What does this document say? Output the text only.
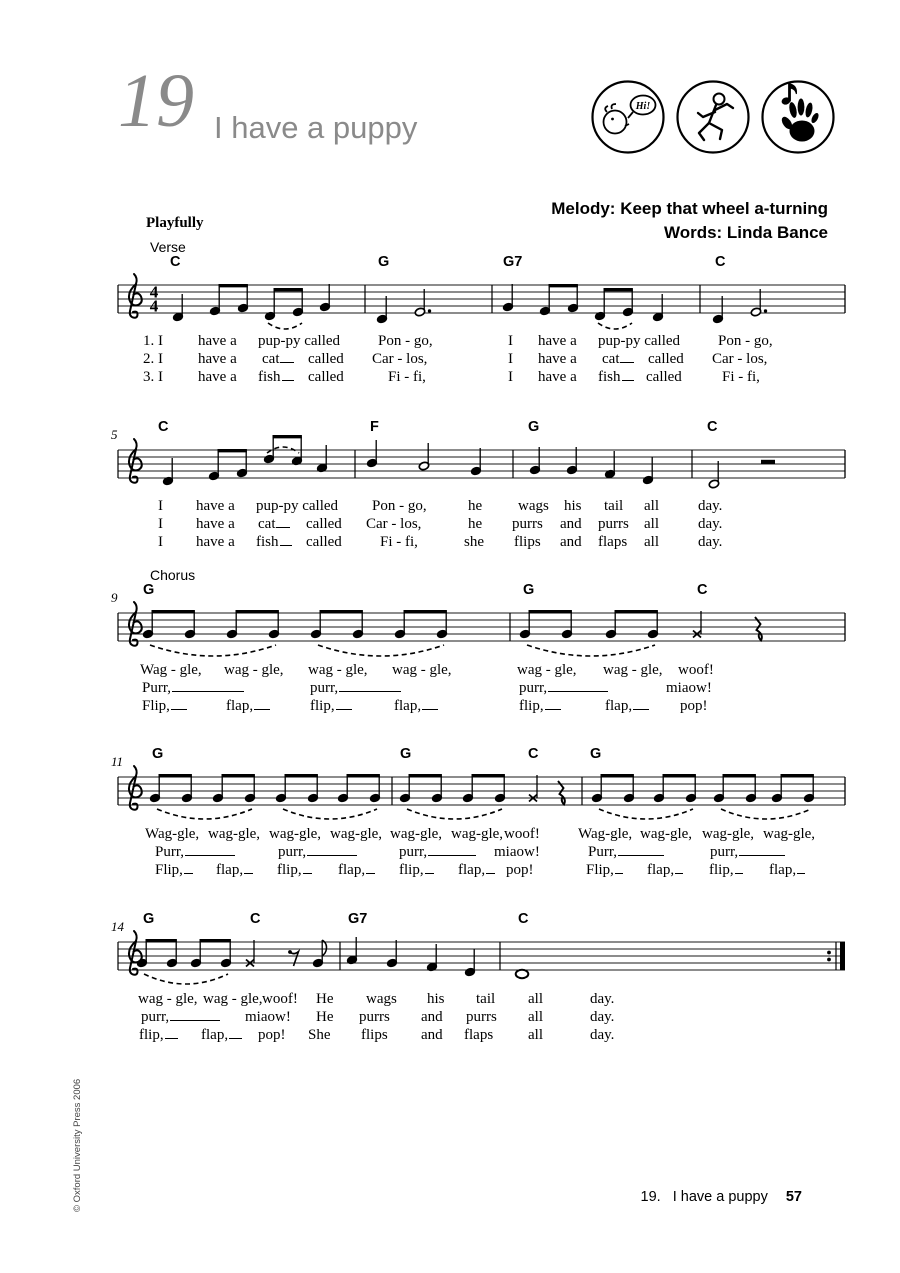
Hi!
4
4
19 I have a puppy
Melody: Keep that wheel a-turning
Words: Linda Bance
Playfully
© Oxford University Press 2006	19. I have a puppy 57
Verse
C	G	G7	C
1. I have a pup-py called	Pon - go,	I have a pup-py called	Pon - go,
2. I have a cat	called Car - los,	I have a cat	called Car - los,
3. I have a fish	called	Fi - fi,	I have a fish	called	Fi - fi,
5	C	F	G	C
I have a pup-py called Pon - go,	he wags his tail all	day.
I have a cat	called Car - los,	he purrs and purrs all	day.
I have a fish	called	Fi - fi,	she flips and flaps all	day.
Chorus
9 G	G	C
Wag - gle, wag - gle, wag - gle, wag - gle,	wag - gle, wag - gle, woof!
Purr,	purr,	purr,	miaow!
Flip,	flap,	flip,	flap,	flip,	flap,	pop!
11 G	G	C	G
Wag-gle, wag-gle, wag-gle, wag-gle, wag-gle, wag-gle, woof!	Wag-gle, wag-gle, wag-gle, wag-gle,
Purr,	purr,	purr,	miaow!	Purr,	purr,
Flip,	flap,	flip,	flap,	flip,	flap,	pop!	Flip,	flap,	flip,	flap,
14 G	C	G7	C
wag - gle, wag - gle, woof! He wags his tail all	day.
purr,	miaow! He purrs and purrs all	day.
flip,	flap,	pop! She flips and flaps all	day.
